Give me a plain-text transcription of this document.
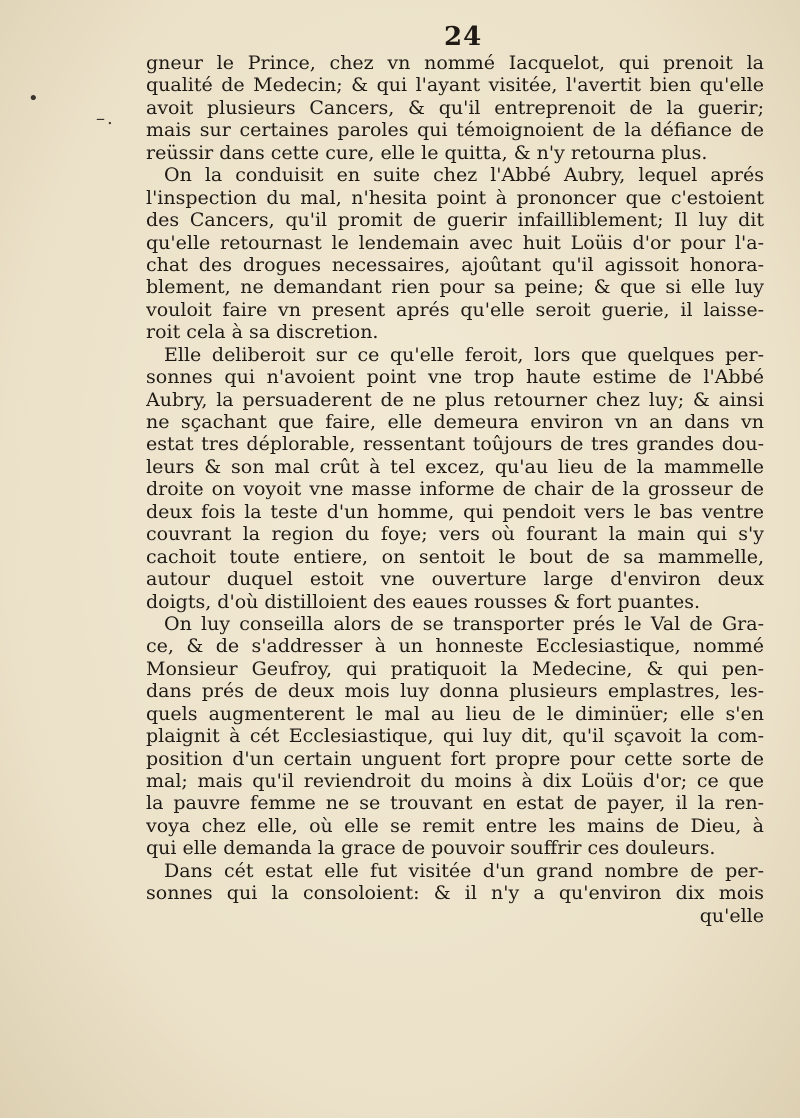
24
•
–.
gneur le Prince, chez vn nommé Iacquelot, qui prenoit la
qualité de Medecin; & qui l'ayant visitée, l'avertit bien qu'elle
avoit plusieurs Cancers, & qu'il entreprenoit de la guerir;
mais sur certaines paroles qui témoignoient de la défiance de
reüssir dans cette cure, elle le quitta, & n'y retourna plus.
On la conduisit en suite chez l'Abbé Aubry, lequel aprés
l'inspection du mal, n'hesita point à prononcer que c'estoient
des Cancers, qu'il promit de guerir infailliblement; Il luy dit
qu'elle retournast le lendemain avec huit Loüis d'or pour l'a-
chat des drogues necessaires, ajoûtant qu'il agissoit honora-
blement, ne demandant rien pour sa peine; & que si elle luy
vouloit faire vn present aprés qu'elle seroit guerie, il laisse-
roit cela à sa discretion.
Elle deliberoit sur ce qu'elle feroit, lors que quelques per-
sonnes qui n'avoient point vne trop haute estime de l'Abbé
Aubry, la persuaderent de ne plus retourner chez luy; & ainsi
ne sçachant que faire, elle demeura environ vn an dans vn
estat tres déplorable, ressentant toûjours de tres grandes dou-
leurs & son mal crût à tel excez, qu'au lieu de la mammelle
droite on voyoit vne masse informe de chair de la grosseur de
deux fois la teste d'un homme, qui pendoit vers le bas ventre
couvrant la region du foye; vers où fourant la main qui s'y
cachoit toute entiere, on sentoit le bout de sa mammelle,
autour duquel estoit vne ouverture large d'environ deux
doigts, d'où distilloient des eaues rousses & fort puantes.
On luy conseilla alors de se transporter prés le Val de Gra-
ce, & de s'addresser à un honneste Ecclesiastique, nommé
Monsieur Geufroy, qui pratiquoit la Medecine, & qui pen-
dans prés de deux mois luy donna plusieurs emplastres, les-
quels augmenterent le mal au lieu de le diminüer; elle s'en
plaignit à cét Ecclesiastique, qui luy dit, qu'il sçavoit la com-
position d'un certain unguent fort propre pour cette sorte de
mal; mais qu'il reviendroit du moins à dix Loüis d'or; ce que
la pauvre femme ne se trouvant en estat de payer, il la ren-
voya chez elle, où elle se remit entre les mains de Dieu, à
qui elle demanda la grace de pouvoir souffrir ces douleurs.
Dans cét estat elle fut visitée d'un grand nombre de per-
sonnes qui la consoloient: & il n'y a qu'environ dix mois
qu'elle
